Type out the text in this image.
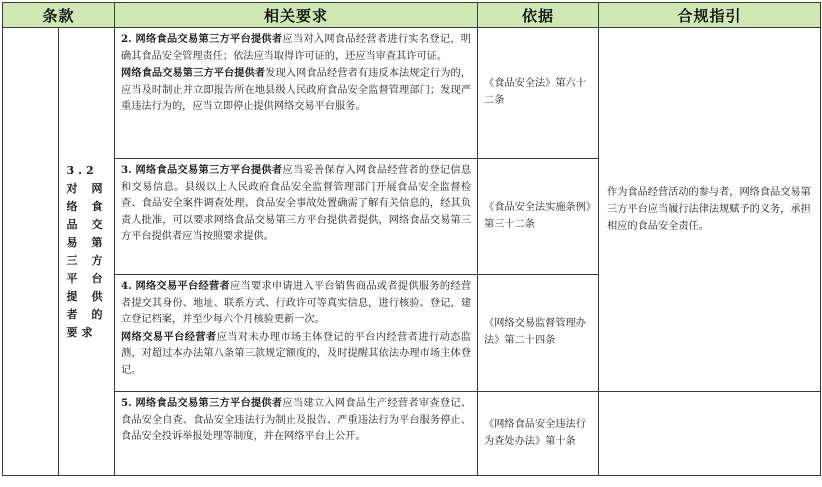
条款		相关要求	依据	合规指引

	3.2 对网络食品交易第三方平台提供者的要求	2. 网络食品交易第三方平台提供者应当对入网食品经营者进行实名登记，明确其食品安全管理责任；依法应当取得许可证的，还应当审查其许可证。

网络食品交易第三方平台提供者发现入网食品经营者有违反本法规定行为的，应当及时制止并立即报告所在地县级人民政府食品安全监督管理部门；发现严重违法行为的，应当立即停止提供网络交易平台服务。	《食品安全法》第六十二条	作为食品经营活动的参与者，网络食品交易第三方平台应当履行法律法规赋予的义务，承担相应的食品安全责任。

		3. 网络食品交易第三方平台提供者应当妥善保存入网食品经营者的登记信息和交易信息。县级以上人民政府食品安全监督管理部门开展食品安全监督检查、食品安全案件调查处理、食品安全事故处置确需了解有关信息的，经其负责人批准，可以要求网络食品交易第三方平台提供者提供，网络食品交易第三方平台提供者应当按照要求提供。	《食品安全法实施条例》第三十二条	

		4. 网络交易平台经营者应当要求申请进入平台销售商品或者提供服务的经营者提交其身份、地址、联系方式、行政许可等真实信息，进行核验、登记，建立登记档案，并至少每六个月核验更新一次。

网络交易平台经营者应当对未办理市场主体登记的平台内经营者进行动态监测，对超过本办法第八条第三款规定额度的，及时提醒其依法办理市场主体登记。	《网络交易监督管理办法》第二十四条	

		5. 网络食品交易第三方平台提供者应当建立入网食品生产经营者审查登记、食品安全自查、食品安全违法行为制止及报告、严重违法行为平台服务停止、食品安全投诉举报处理等制度，并在网络平台上公开。	《网络食品安全违法行为查处办法》第十条	
